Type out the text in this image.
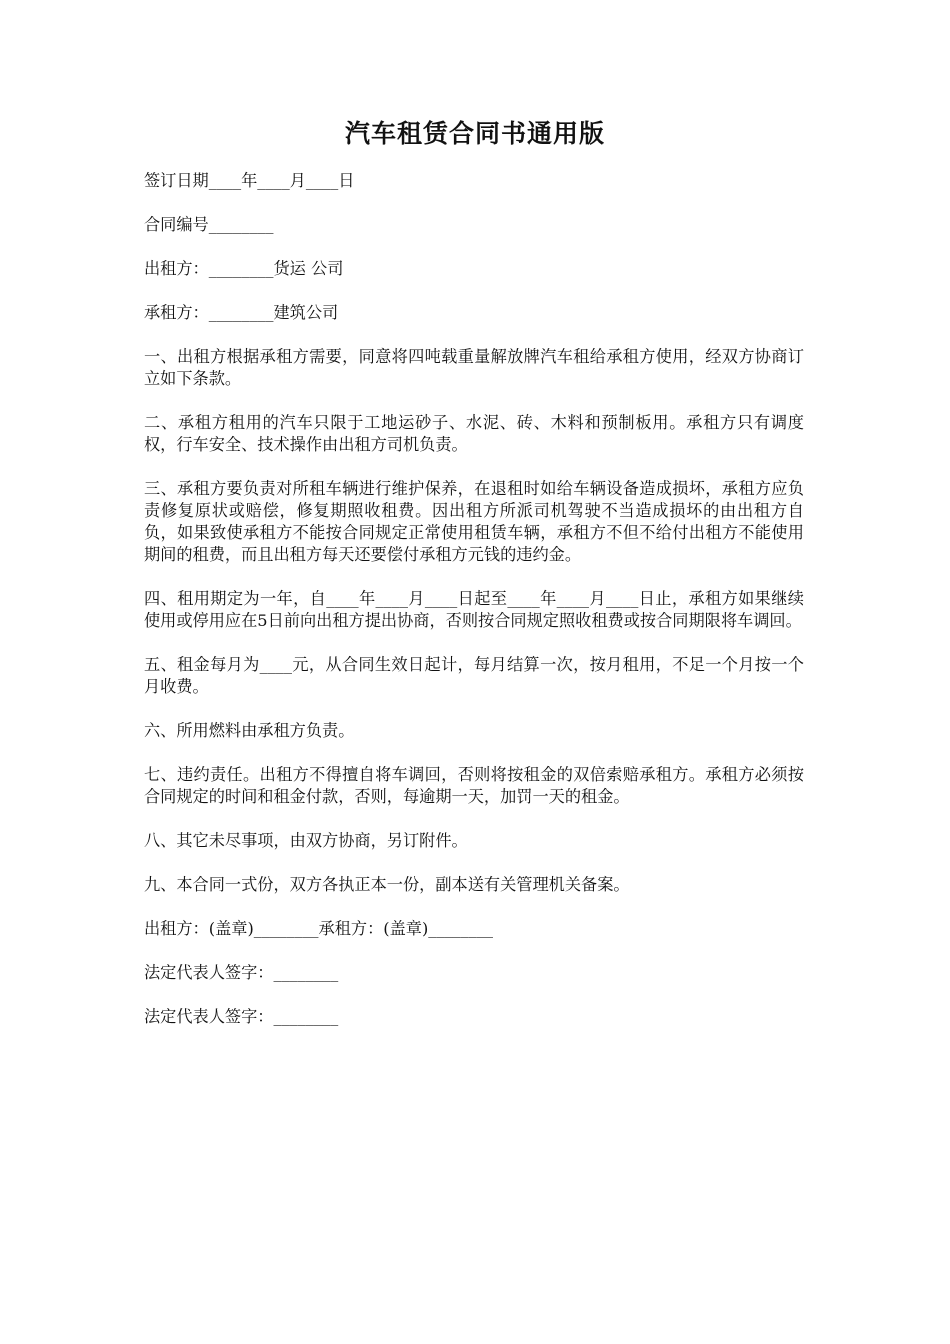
汽车租赁合同书通用版

签订日期____年____月____日

合同编号________

出租方：________货运 公司

承租方：________建筑公司

一、出租方根据承租方需要，同意将四吨载重量解放牌汽车租给承租方使用，经双方协商订立如下条款。

二、承租方租用的汽车只限于工地运砂子、水泥、砖、木料和预制板用。承租方只有调度权，行车安全、技术操作由出租方司机负责。

三、承租方要负责对所租车辆进行维护保养，在退租时如给车辆设备造成损坏，承租方应负责修复原状或赔偿，修复期照收租费。因出租方所派司机驾驶不当造成损坏的由出租方自负，如果致使承租方不能按合同规定正常使用租赁车辆，承租方不但不给付出租方不能使用期间的租费，而且出租方每天还要偿付承租方元钱的违约金。

四、租用期定为一年，自____年____月____日起至____年____月____日止，承租方如果继续使用或停用应在5日前向出租方提出协商，否则按合同规定照收租费或按合同期限将车调回。

五、租金每月为____元，从合同生效日起计，每月结算一次，按月租用，不足一个月按一个月收费。

六、所用燃料由承租方负责。

七、违约责任。出租方不得擅自将车调回，否则将按租金的双倍索赔承租方。承租方必须按合同规定的时间和租金付款，否则，每逾期一天，加罚一天的租金。

八、其它未尽事项，由双方协商，另订附件。

九、本合同一式份，双方各执正本一份，副本送有关管理机关备案。

出租方：(盖章)________承租方：(盖章)________

法定代表人签字：________

法定代表人签字：________
